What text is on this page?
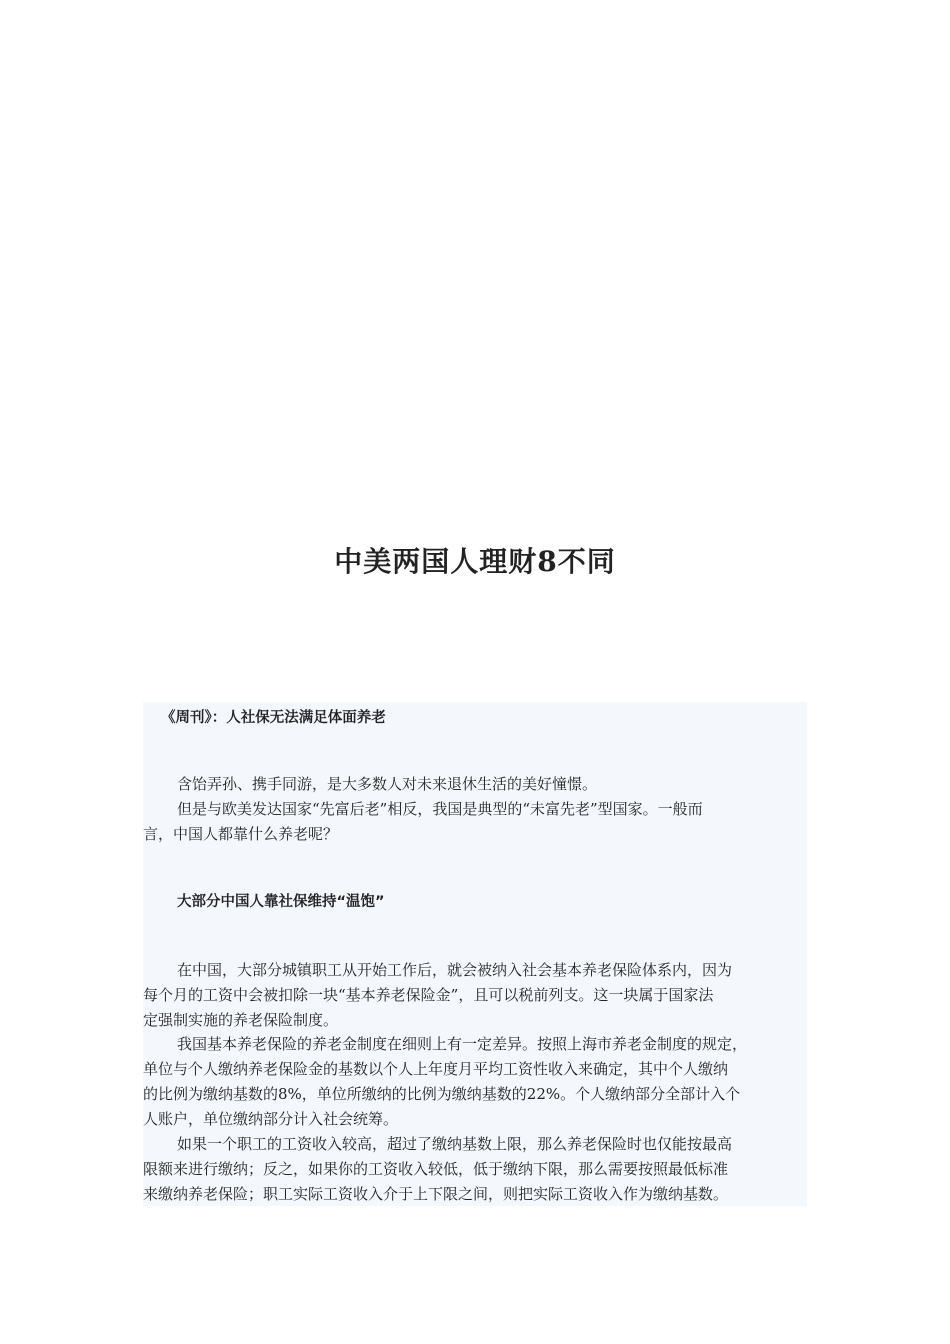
中美两国人理财8不同

《周刊》：人社保无法满足体面养老

含饴弄孙、携手同游，是大多数人对未来退休生活的美好憧憬。

但是与欧美发达国家“先富后老”相反，我国是典型的“未富先老”型国家。一般而

言，中国人都靠什么养老呢？

大部分中国人靠社保维持“温饱”

在中国，大部分城镇职工从开始工作后，就会被纳入社会基本养老保险体系内，因为

每个月的工资中会被扣除一块“基本养老保险金”，且可以税前列支。这一块属于国家法

定强制实施的养老保险制度。

我国基本养老保险的养老金制度在细则上有一定差异。按照上海市养老金制度的规定，

单位与个人缴纳养老保险金的基数以个人上年度月平均工资性收入来确定，其中个人缴纳

的比例为缴纳基数的8%，单位所缴纳的比例为缴纳基数的22%。个人缴纳部分全部计入个

人账户，单位缴纳部分计入社会统筹。

如果一个职工的工资收入较高，超过了缴纳基数上限，那么养老保险时也仅能按最高

限额来进行缴纳；反之，如果你的工资收入较低，低于缴纳下限，那么需要按照最低标准

来缴纳养老保险；职工实际工资收入介于上下限之间，则把实际工资收入作为缴纳基数。
